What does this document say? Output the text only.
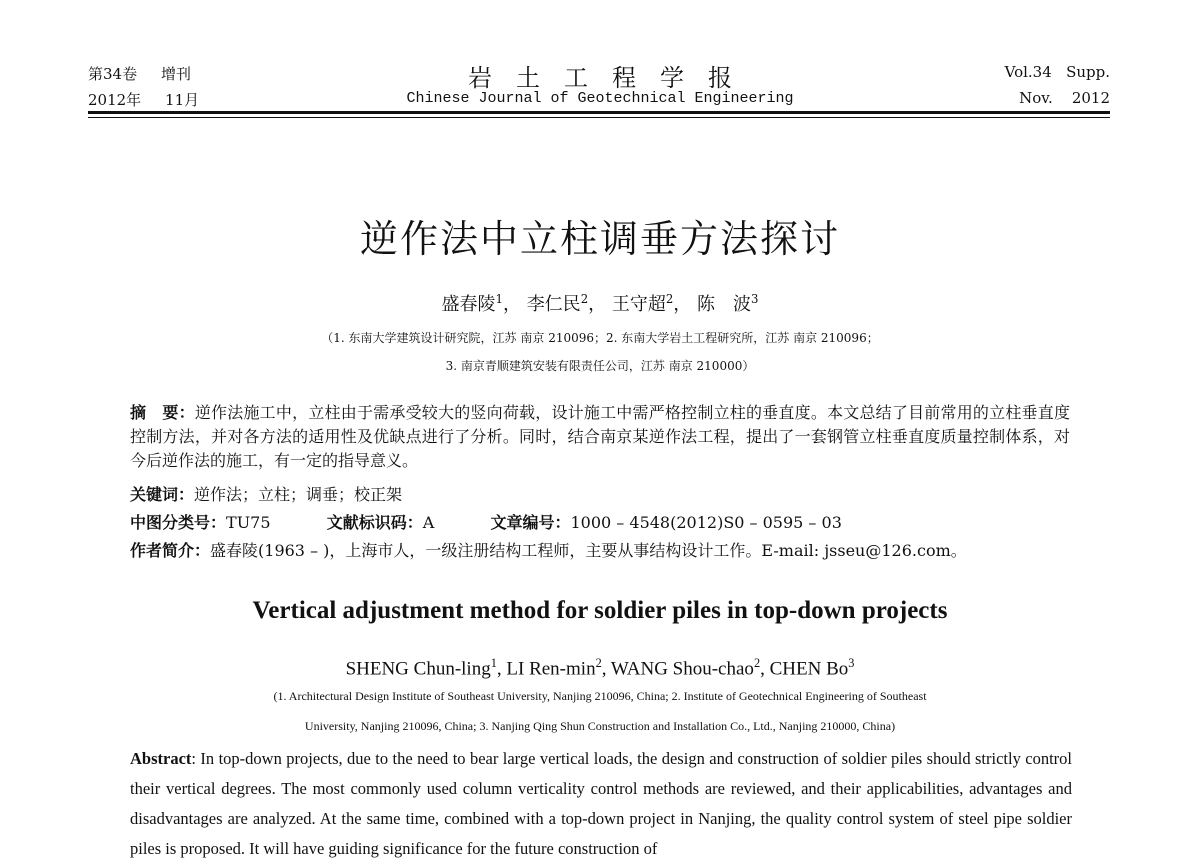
第34卷 增刊
2012年 11月
岩土工程学报
Chinese Journal of Geotechnical Engineering
Vol.34 Supp.
Nov. 2012
逆作法中立柱调垂方法探讨
盛春陵$^1$， 李仁民$^2$， 王守超$^2$， 陈　波$^3$
（1. 东南大学建筑设计研究院，江苏 南京 210096；2. 东南大学岩土工程研究所，江苏 南京 210096；
3. 南京青顺建筑安装有限责任公司，江苏 南京 210000）
摘　要：逆作法施工中，立柱由于需承受较大的竖向荷载，设计施工中需严格控制立柱的垂直度。本文总结了目前常用的立柱垂直度控制方法，并对各方法的适用性及优缺点进行了分析。同时，结合南京某逆作法工程，提出了一套钢管立柱垂直度质量控制体系，对今后逆作法的施工，有一定的指导意义。
关键词：逆作法；立柱；调垂；校正架
中图分类号：TU75	文献标识码：A	文章编号：1000 – 4548(2012)S0 – 0595 – 03
作者简介：盛春陵(1963 – )，上海市人，一级注册结构工程师，主要从事结构设计工作。E-mail: jsseu@126.com。
Vertical adjustment method for soldier piles in top-down projects
SHENG Chun-ling$^1$, LI Ren-$\min^2$, WANG Shou-chao$^2$, CHEN Bo$^3$
(1. Architectural Design Institute of Southeast University, Nanjing 210096, China; 2. Institute of Geotechnical Engineering of Southeast
University, Nanjing 210096, China; 3. Nanjing Qing Shun Construction and Installation Co., Ltd., Nanjing 210000, China)
Abstract: In top-down projects, due to the need to bear large vertical loads, the design and construction of soldier piles should strictly control their vertical degrees. The most commonly used column verticality control methods are reviewed, and their applicabilities, advantages and disadvantages are analyzed. At the same time, combined with a top-down project in Nanjing, the quality control system of steel pipe soldier piles is proposed. It will have guiding significance for the future construction of
